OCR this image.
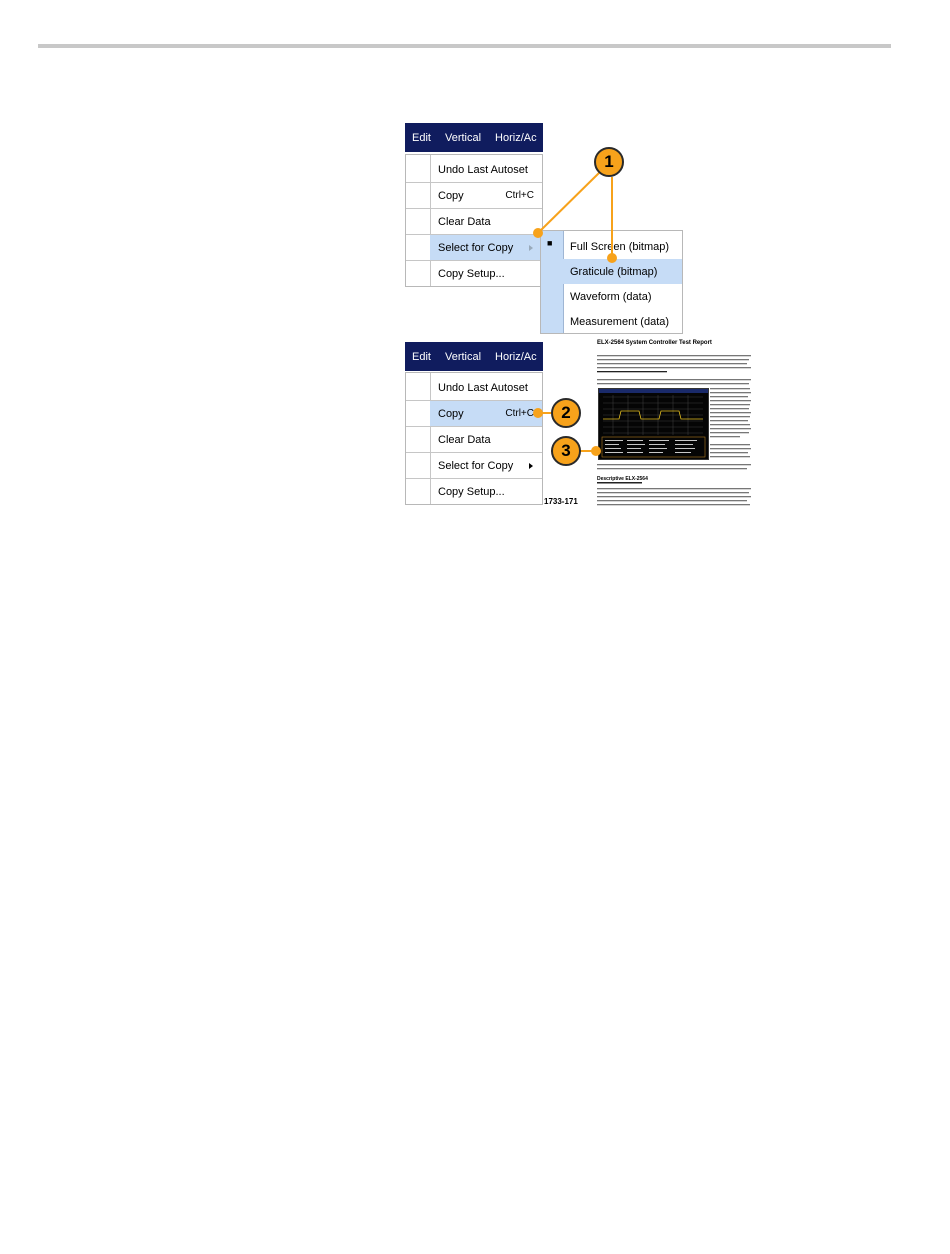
Edit	Vertical	Horiz/Ac
Undo Last Autoset
Copy	Ctrl+C
Clear Data
Select for Copy
Copy Setup...
■ Full Screen (bitmap)
Graticule (bitmap)
Waveform (data)
Measurement (data)
Edit	Vertical	Horiz/Ac
Undo Last Autoset
Copy	Ctrl+C
Clear Data
Select for Copy
Copy Setup...
ELX-2564 System Controller Test Report
Descriptive ELX-2564
1733-171
1
2
3
